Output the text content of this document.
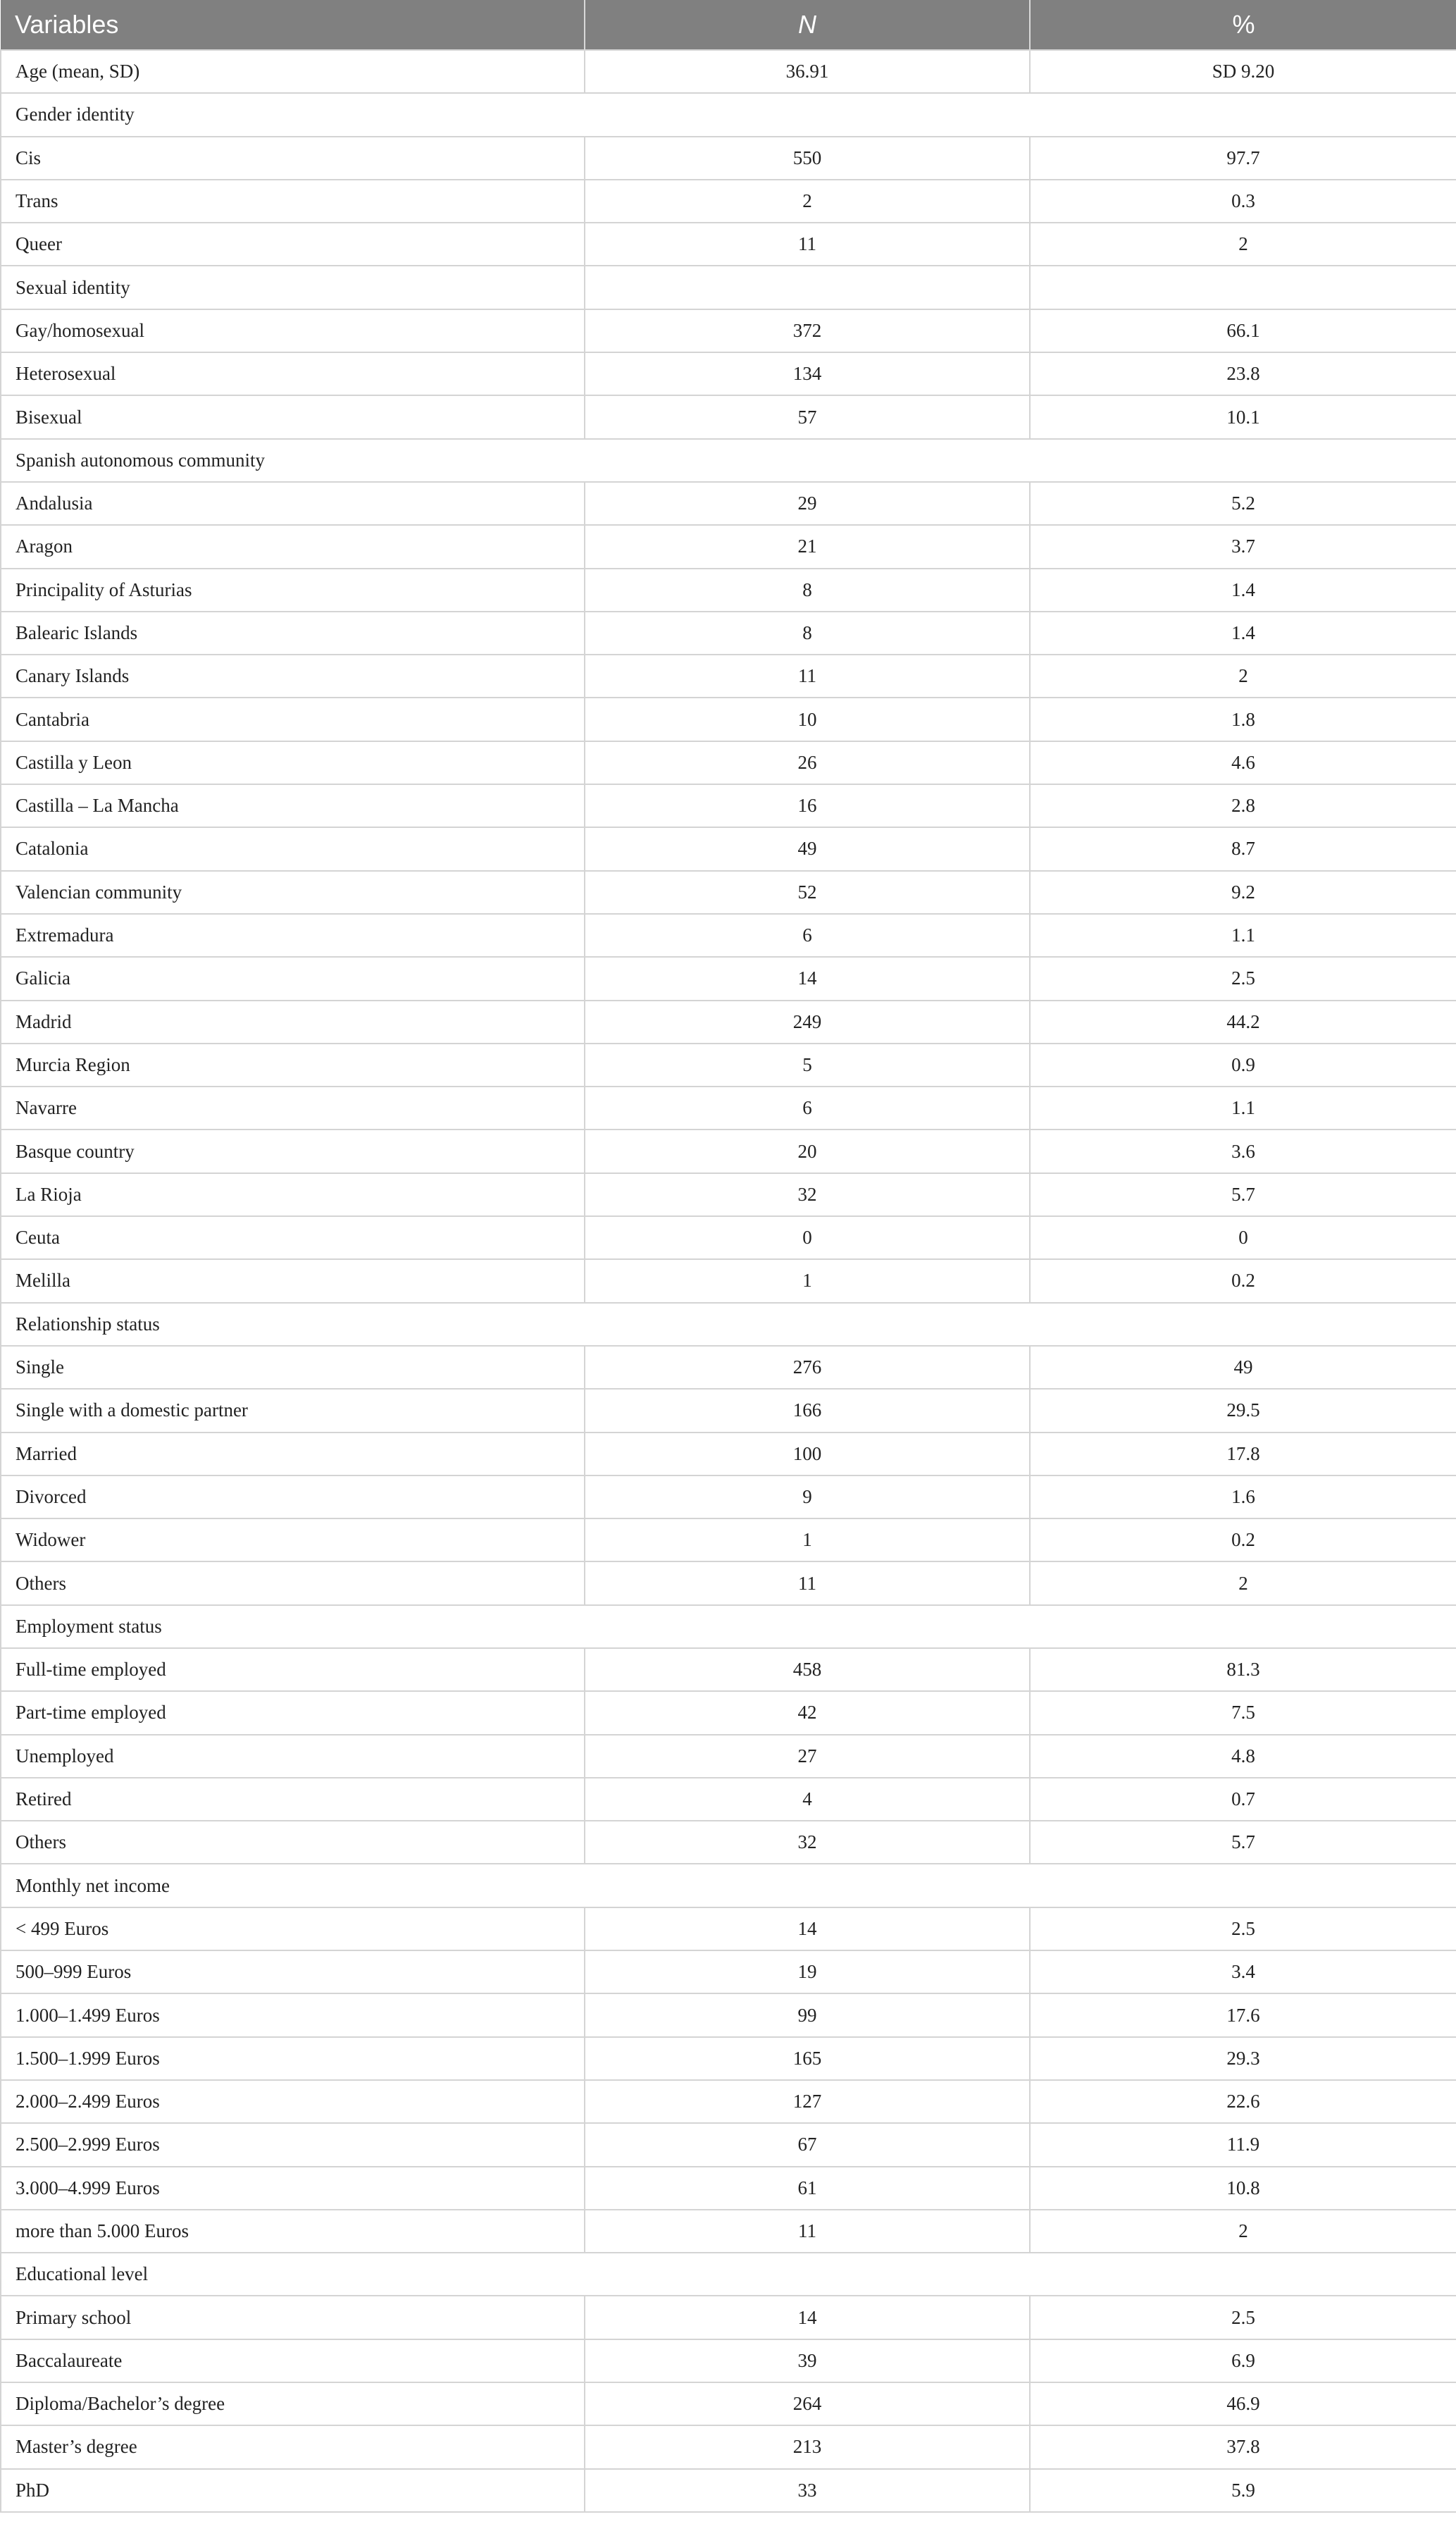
Variables	N	%
Age (mean, SD)	36.91	SD 9.20
Gender identity		
Cis	550	97.7
Trans	2	0.3
Queer	11	2
Sexual identity		
Gay/homosexual	372	66.1
Heterosexual	134	23.8
Bisexual	57	10.1
Spanish autonomous community		
Andalusia	29	5.2
Aragon	21	3.7
Principality of Asturias	8	1.4
Balearic Islands	8	1.4
Canary Islands	11	2
Cantabria	10	1.8
Castilla y Leon	26	4.6
Castilla – La Mancha	16	2.8
Catalonia	49	8.7
Valencian community	52	9.2
Extremadura	6	1.1
Galicia	14	2.5
Madrid	249	44.2
Murcia Region	5	0.9
Navarre	6	1.1
Basque country	20	3.6
La Rioja	32	5.7
Ceuta	0	0
Melilla	1	0.2
Relationship status		
Single	276	49
Single with a domestic partner	166	29.5
Married	100	17.8
Divorced	9	1.6
Widower	1	0.2
Others	11	2
Employment status		
Full-time employed	458	81.3
Part-time employed	42	7.5
Unemployed	27	4.8
Retired	4	0.7
Others	32	5.7
Monthly net income		
< 499 Euros	14	2.5
500–999 Euros	19	3.4
1.000–1.499 Euros	99	17.6
1.500–1.999 Euros	165	29.3
2.000–2.499 Euros	127	22.6
2.500–2.999 Euros	67	11.9
3.000–4.999 Euros	61	10.8
more than 5.000 Euros	11	2
Educational level		
Primary school	14	2.5
Baccalaureate	39	6.9
Diploma/Bachelor’s degree	264	46.9
Master’s degree	213	37.8
PhD	33	5.9
